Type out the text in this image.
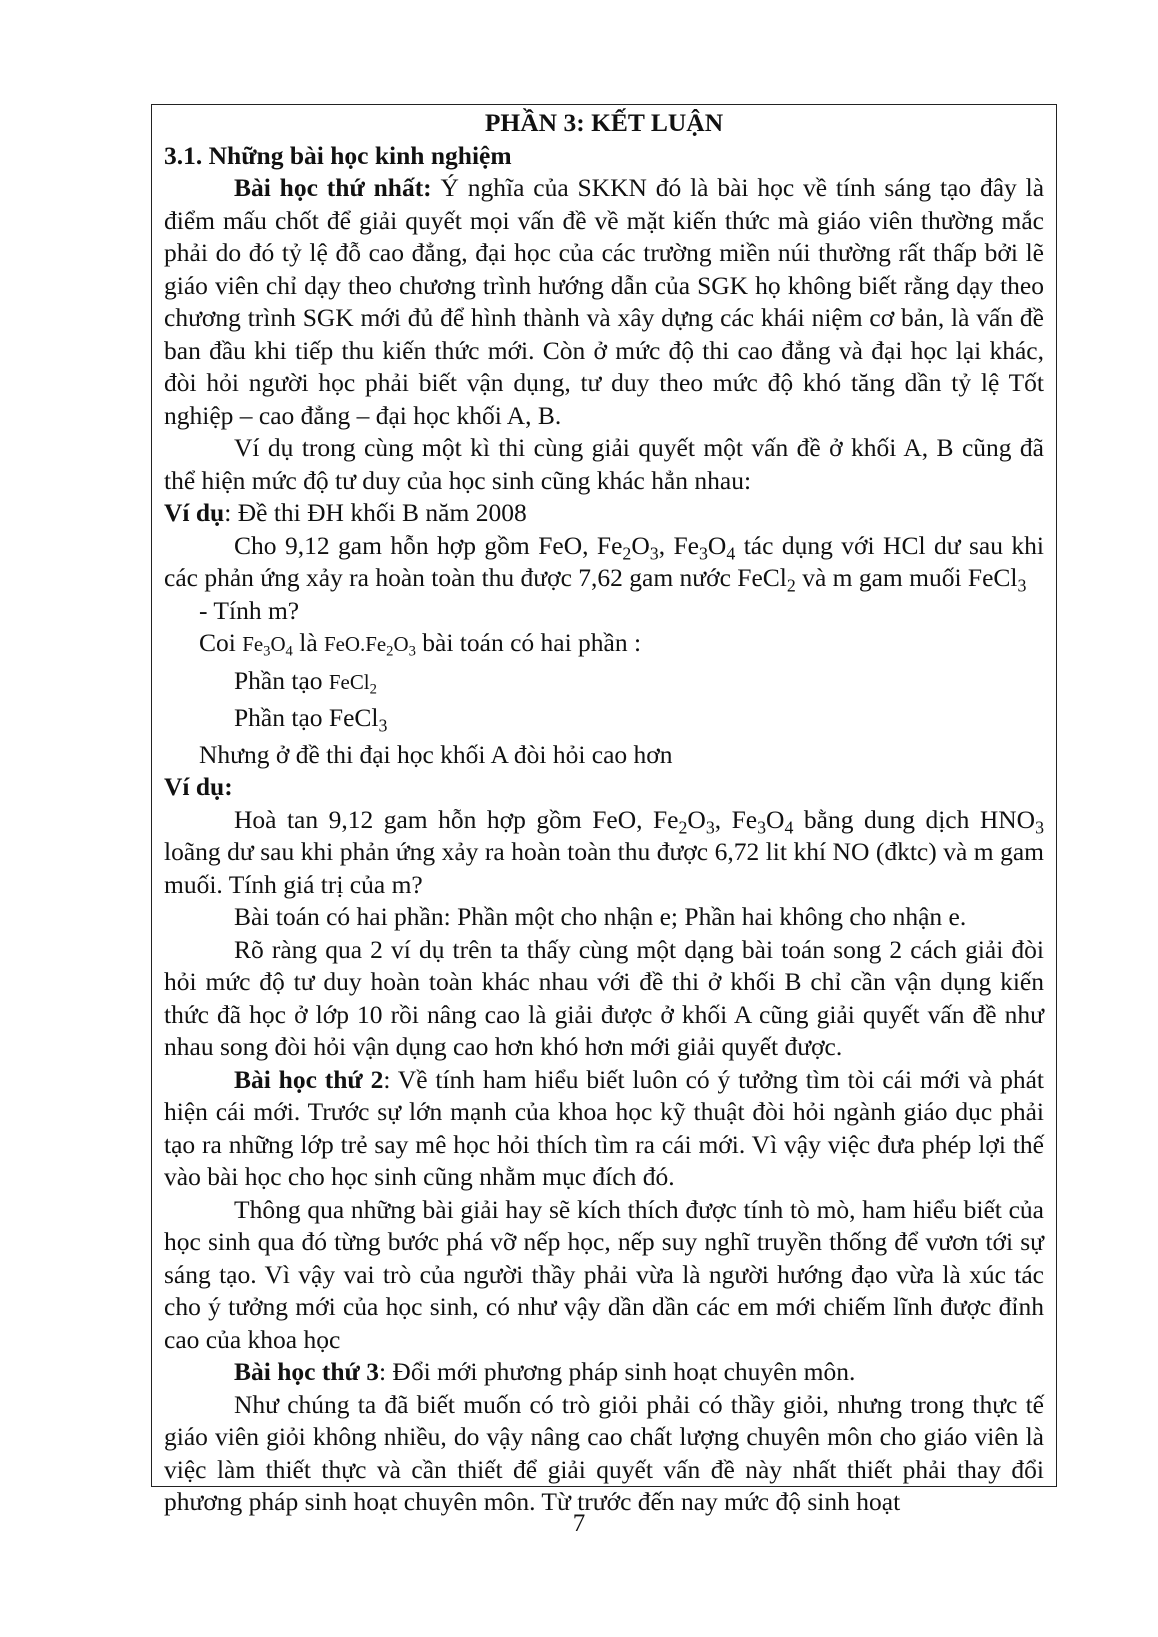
PHẦN 3: KẾT LUẬN

3.1. Những bài học kinh nghiệm

Bài học thứ nhất: Ý nghĩa của SKKN đó là bài học về tính sáng tạo đây là điểm mấu chốt để giải quyết mọi vấn đề về mặt kiến thức mà giáo viên thường mắc phải do đó tỷ lệ đỗ cao đẳng, đại học của các trường miền núi thường rất thấp bởi lẽ giáo viên chỉ dạy theo chương trình hướng dẫn của SGK họ không biết rằng dạy theo chương trình SGK mới đủ để hình thành và xây dựng các khái niệm cơ bản, là vấn đề ban đầu khi tiếp thu kiến thức mới. Còn ở mức độ thi cao đẳng và đại học lại khác, đòi hỏi người học phải biết vận dụng, tư duy theo mức độ khó tăng dần tỷ lệ Tốt nghiệp – cao đẳng – đại học khối A, B.

Ví dụ trong cùng một kì thi cùng giải quyết một vấn đề ở khối A, B cũng đã thể hiện mức độ tư duy của học sinh cũng khác hẳn nhau:

Ví dụ: Đề thi ĐH khối B năm 2008

Cho 9,12 gam hỗn hợp gồm FeO, $Fe_2O_3$, $Fe_3O_4$ tác dụng với HCl dư sau khi các phản ứng xảy ra hoàn toàn thu được 7,62 gam nước FeCl$_2$ và m gam muối FeCl$_3$

- Tính m?

Coi $Fe_3O_4$ là $FeO.Fe_2O_3$ bài toán có hai phần :

Phần tạo FeCl$_2$

Phần tạo FeCl$_3$

Nhưng ở đề thi đại học khối A đòi hỏi cao hơn

Ví dụ:

Hoà tan 9,12 gam hỗn hợp gồm FeO, $Fe_2O_3$, $Fe_3O_4$ bằng dung dịch $HNO_3$ loãng dư sau khi phản ứng xảy ra hoàn toàn thu được 6,72 lit khí NO (đktc) và m gam muối. Tính giá trị của m?

Bài toán có hai phần: Phần một cho nhận e; Phần hai không cho nhận e.

Rõ ràng qua 2 ví dụ trên ta thấy cùng một dạng bài toán song 2 cách giải đòi hỏi mức độ tư duy hoàn toàn khác nhau với đề thi ở khối B chỉ cần vận dụng kiến thức đã học ở lớp 10 rồi nâng cao là giải được ở khối A cũng giải quyết vấn đề như nhau song đòi hỏi vận dụng cao hơn khó hơn mới giải quyết được.

Bài học thứ 2: Về tính ham hiểu biết luôn có ý tưởng tìm tòi cái mới và phát hiện cái mới. Trước sự lớn mạnh của khoa học kỹ thuật đòi hỏi ngành giáo dục phải tạo ra những lớp trẻ say mê học hỏi thích tìm ra cái mới. Vì vậy việc đưa phép lợi thế vào bài học cho học sinh cũng nhằm mục đích đó.

Thông qua những bài giải hay sẽ kích thích được tính tò mò, ham hiểu biết của học sinh qua đó từng bước phá vỡ nếp học, nếp suy nghĩ truyền thống để vươn tới sự sáng tạo. Vì vậy vai trò của người thầy phải vừa là người hướng đạo vừa là xúc tác cho ý tưởng mới của học sinh, có như vậy dần dần các em mới chiếm lĩnh được đỉnh cao của khoa học

Bài học thứ 3: Đổi mới phương pháp sinh hoạt chuyên môn.

Như chúng ta đã biết muốn có trò giỏi phải có thầy giỏi, nhưng trong thực tế giáo viên giỏi không nhiều, do vậy nâng cao chất lượng chuyên môn cho giáo viên là việc làm thiết thực và cần thiết để giải quyết vấn đề này nhất thiết phải thay đổi phương pháp sinh hoạt chuyên môn. Từ trước đến nay mức độ sinh hoạt

7
